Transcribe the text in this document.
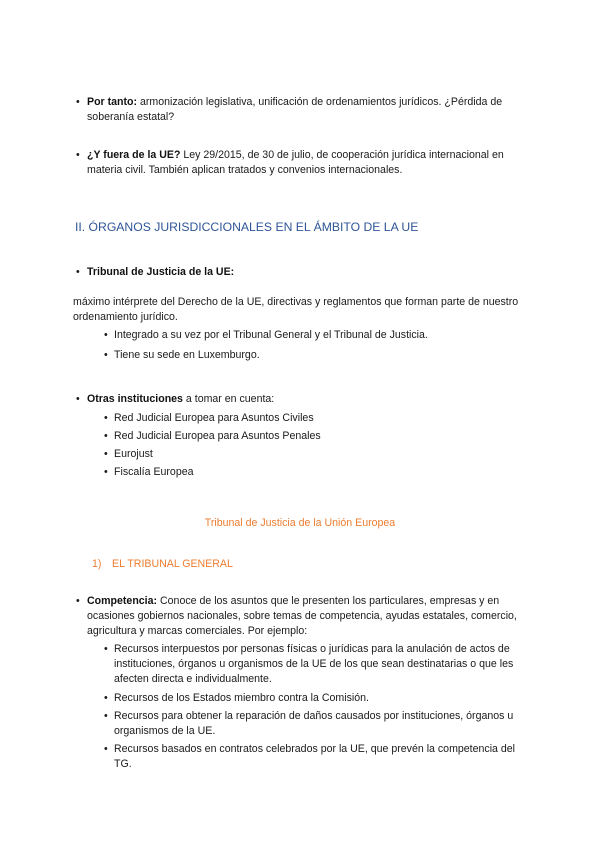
• Por tanto: armonización legislativa, unificación de ordenamientos jurídicos. ¿Pérdida de soberanía estatal?
• ¿Y fuera de la UE? Ley 29/2015, de 30 de julio, de cooperación jurídica internacional en materia civil. También aplican tratados y convenios internacionales.
II. ÓRGANOS JURISDICCIONALES EN EL ÁMBITO DE LA UE
• Tribunal de Justicia de la UE:
máximo intérprete del Derecho de la UE, directivas y reglamentos que forman parte de nuestro ordenamiento jurídico.
• Integrado a su vez por el Tribunal General y el Tribunal de Justicia.
• Tiene su sede en Luxemburgo.
• Otras instituciones a tomar en cuenta:
• Red Judicial Europea para Asuntos Civiles
• Red Judicial Europea para Asuntos Penales
• Eurojust
• Fiscalía Europea
Tribunal de Justicia de la Unión Europea
1) EL TRIBUNAL GENERAL
• Competencia: Conoce de los asuntos que le presenten los particulares, empresas y en ocasiones gobiernos nacionales, sobre temas de competencia, ayudas estatales, comercio, agricultura y marcas comerciales. Por ejemplo:
• Recursos interpuestos por personas físicas o jurídicas para la anulación de actos de instituciones, órganos u organismos de la UE de los que sean destinatarias o que les afecten directa e individualmente.
• Recursos de los Estados miembro contra la Comisión.
• Recursos para obtener la reparación de daños causados por instituciones, órganos u organismos de la UE.
• Recursos basados en contratos celebrados por la UE, que prevén la competencia del TG.
